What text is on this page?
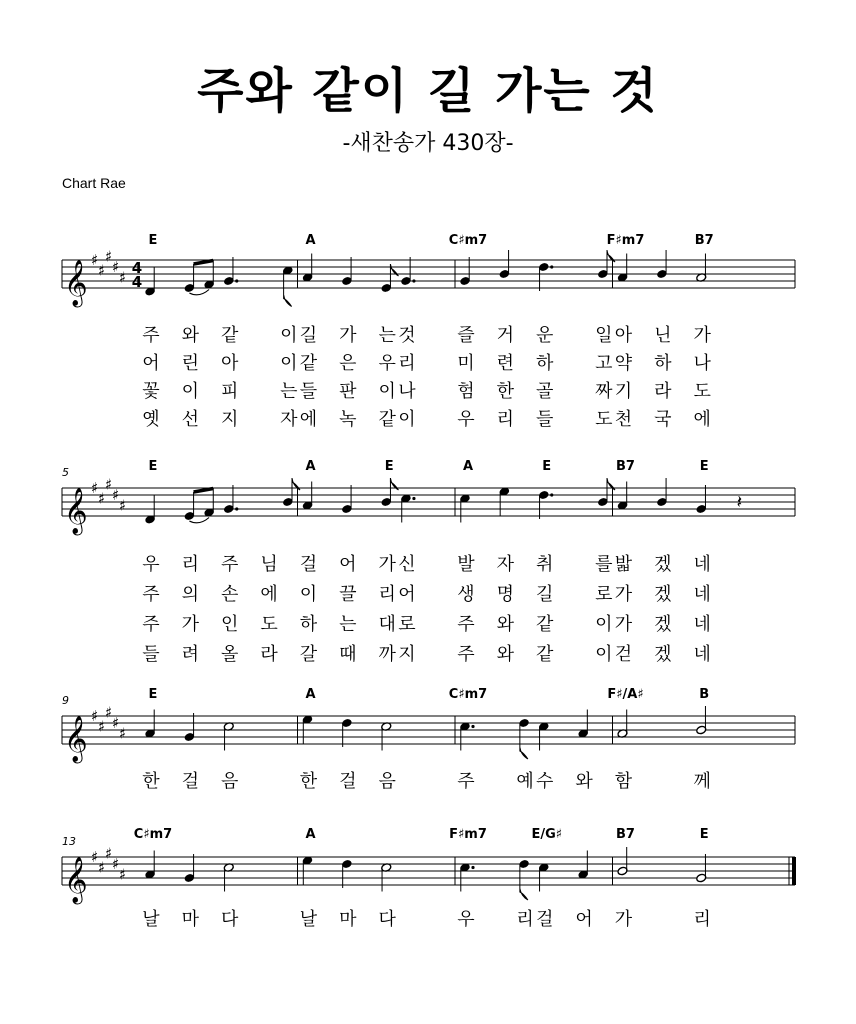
주와 같이 길 가는 것

-새찬송가 430장-

Chart Rae

𝄞 ♯
♯
♯
♯
♯
4
4
E	A	C♯m7	F♯m7	B7
주 와 같 이 길 가 는 것 즐 거 운 일 아 닌 가
어 린 아 이 같 은 우 리 미 련 하 고 약 하 나
꽃 이 피 는 들 판 이 나 험 한 골 짜 기 라 도
옛 선 지 자 에 녹 같 이 우 리 들 도 천 국 에
𝄞 ♯
♯
♯
♯
♯
5	E	A	E	A	E	B7	E
𝄽
우 리 주 님 걸 어 가 신 발 자 취 를 밟 겠 네
주 의 손 에 이 끌 리 어 생 명 길 로 가 겠 네
주 가 인 도 하 는 대 로 주 와 같 이 가 겠 네
들 려 올 라 갈 때 까 지 주 와 같 이 걷 겠 네
𝄞 ♯
♯
♯
♯
♯
9	E	A	C♯m7	F♯/A♯	B
한 걸 음	한 걸 음	주 예 수 와 함	께
𝄞 ♯
♯
♯
♯
♯
13	C♯m7	A	F♯m7	E/G♯	B7	E
날 마 다	날 마 다	우 리 걸 어 가	리
